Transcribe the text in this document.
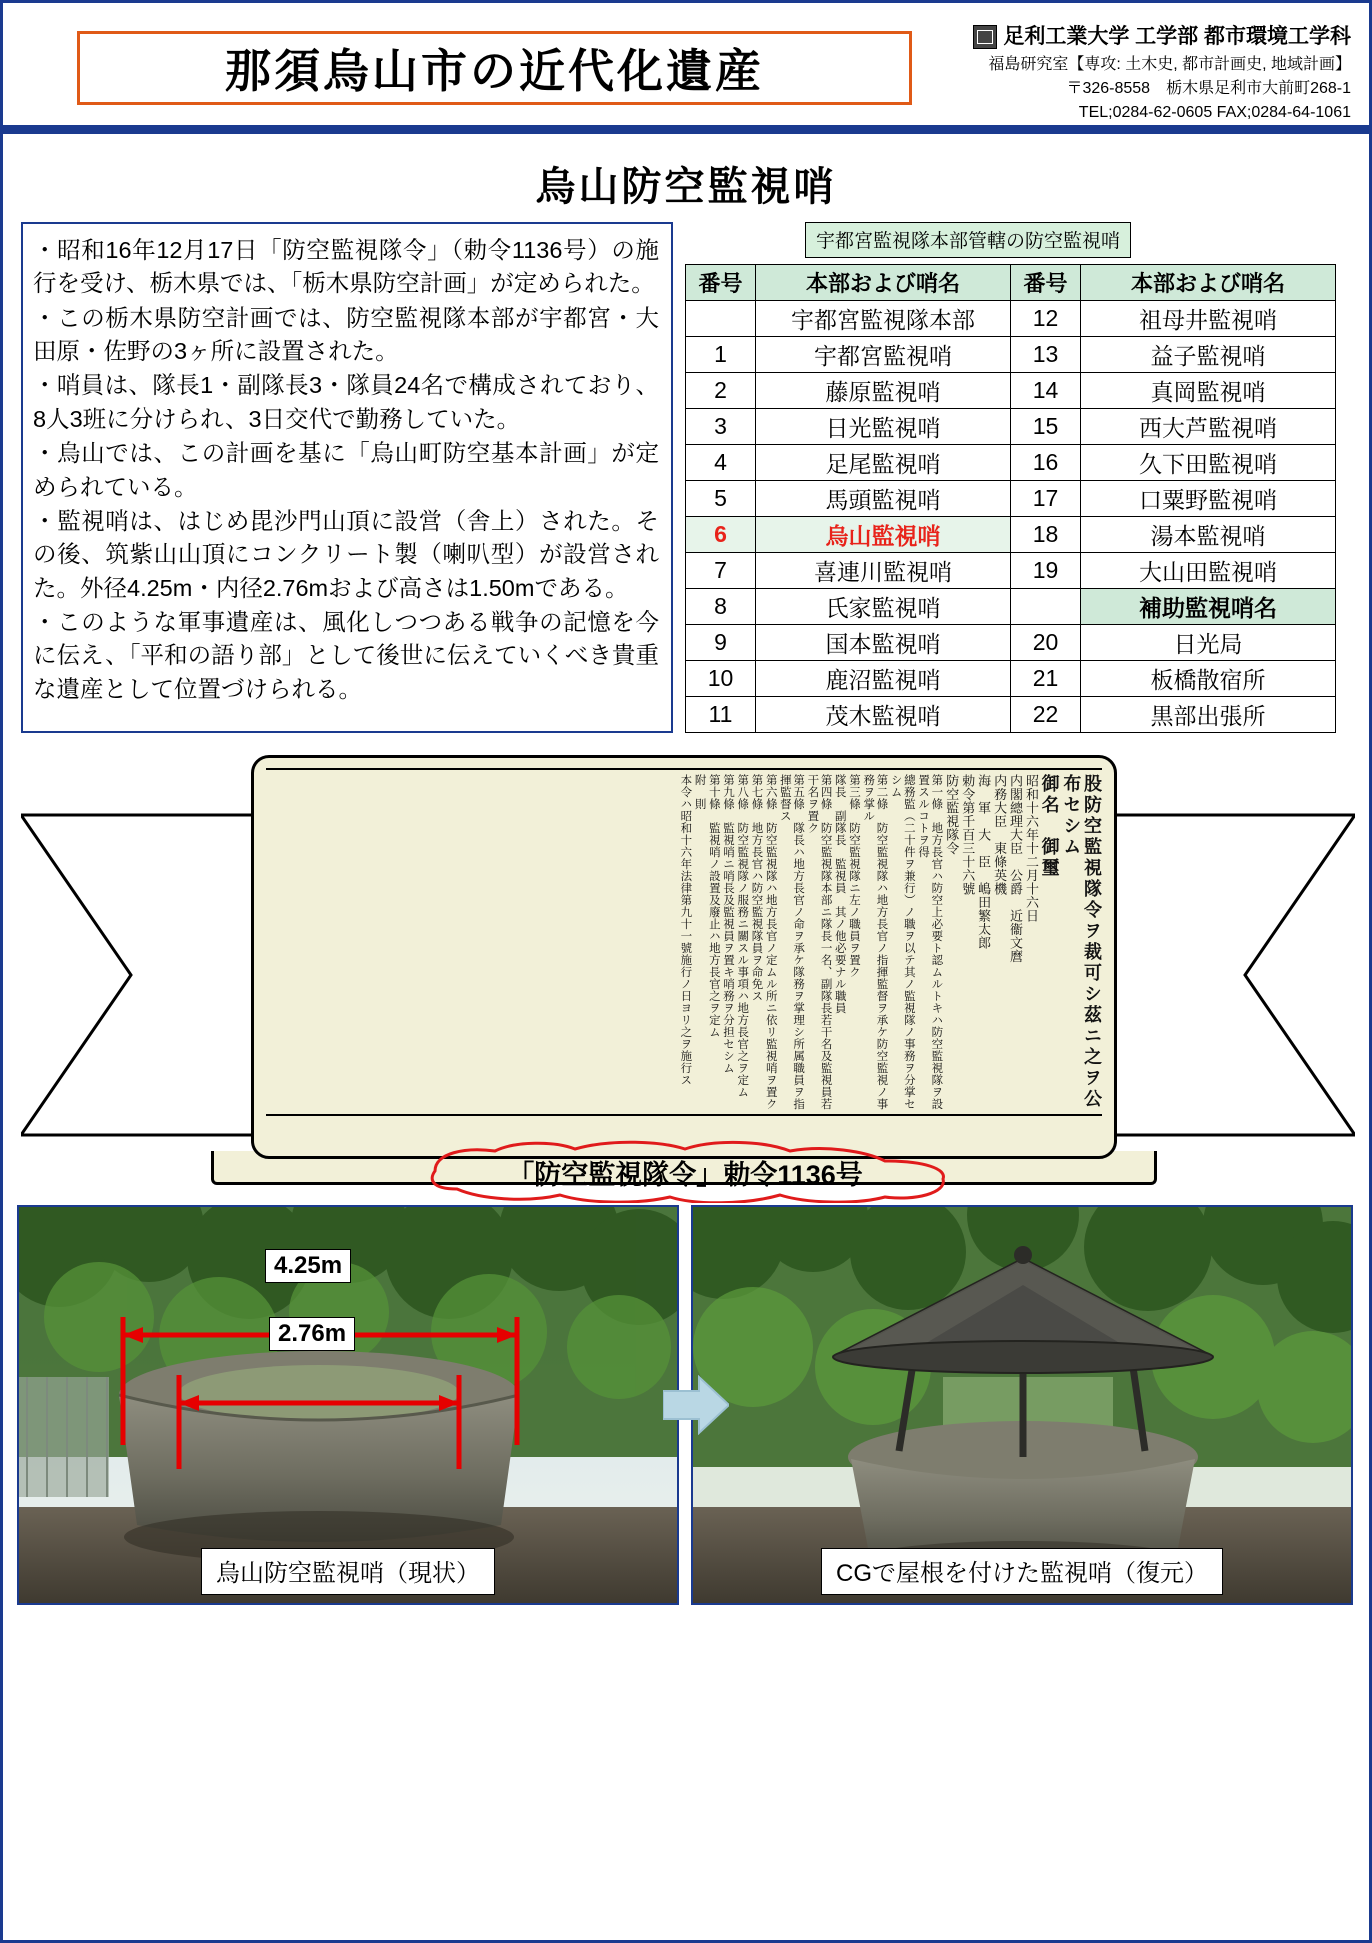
那須烏山市の近代化遺産
足利工業大学 工学部 都市環境工学科
福島研究室【専攻: 土木史, 都市計画史, 地域計画】
〒326-8558　栃木県足利市大前町268-1
TEL;0284-62-0605 FAX;0284-64-1061
烏山防空監視哨

・昭和16年12月17日「防空監視隊令」（勅令1136号）の施行を受け、栃木県では、「栃木県防空計画」が定められた。

・この栃木県防空計画では、防空監視隊本部が宇都宮・大田原・佐野の3ヶ所に設置された。

・哨員は、隊長1・副隊長3・隊員24名で構成されており、8人3班に分けられ、3日交代で勤務していた。

・烏山では、この計画を基に「烏山町防空基本計画」が定められている。

・監視哨は、はじめ毘沙門山頂に設営（舎上）された。その後、筑紫山山頂にコンクリート製（喇叭型）が設営された。外径4.25m・内径2.76mおよび高さは1.50mである。

・このような軍事遺産は、風化しつつある戦争の記憶を今に伝え、「平和の語り部」として後世に伝えていくべき貴重な遺産として位置づけられる。

宇都宮監視隊本部管轄の防空監視哨
番号	本部および哨名	番号	本部および哨名
	宇都宮監視隊本部	12	祖母井監視哨
1	宇都宮監視哨	13	益子監視哨
2	藤原監視哨	14	真岡監視哨
3	日光監視哨	15	西大芦監視哨
4	足尾監視哨	16	久下田監視哨
5	馬頭監視哨	17	口粟野監視哨
6	烏山監視哨	18	湯本監視哨
7	喜連川監視哨	19	大山田監視哨
8	氏家監視哨		補助監視哨名
9	国本監視哨	20	日光局
10	鹿沼監視哨	21	板橋散宿所
11	茂木監視哨	22	黒部出張所
股防空監視隊令ヲ裁可シ茲ニ之ヲ公布セシム
御名　御璽
昭和十六年十二月十六日
内閣總理大臣　公爵　近衞文麿
内務大臣　東條英機
海　軍　大　臣　嶋田繁太郎
勅令第千百三十六號
防空監視隊令
第一條　地方長官ハ防空上必要ト認ムルトキハ防空監視隊ヲ設置スルコトヲ得
總務監（二十件ヲ兼行）ノ職ヲ以テ其ノ監視隊ノ事務ヲ分掌セシム
第二條　防空監視隊ハ地方長官ノ指揮監督ヲ承ケ防空監視ノ事務ヲ掌ル
第三條　防空監視隊ニ左ノ職員ヲ置ク
隊長　副隊長　監視員　其ノ他必要ナル職員
第四條　防空監視隊本部ニ隊長一名、副隊長若干名及監視員若干名ヲ置ク
第五條　隊長ハ地方長官ノ命ヲ承ケ隊務ヲ掌理シ所属職員ヲ指揮監督ス
第六條　防空監視隊ハ地方長官ノ定ムル所ニ依リ監視哨ヲ置ク
第七條　地方長官ハ防空監視隊員ヲ命免ス
第八條　防空監視隊ノ服務ニ關スル事項ハ地方長官之ヲ定ム
第九條　監視哨ニ哨長及監視員ヲ置キ哨務ヲ分担セシム
第十條　監視哨ノ設置及廢止ハ地方長官之ヲ定ム
附　則
本令ハ昭和十六年法律第九十一號施行ノ日ヨリ之ヲ施行ス
「防空監視隊令」勅令1136号
4.25m
2.76m
烏山防空監視哨（現状）	CGで屋根を付けた監視哨（復元）
